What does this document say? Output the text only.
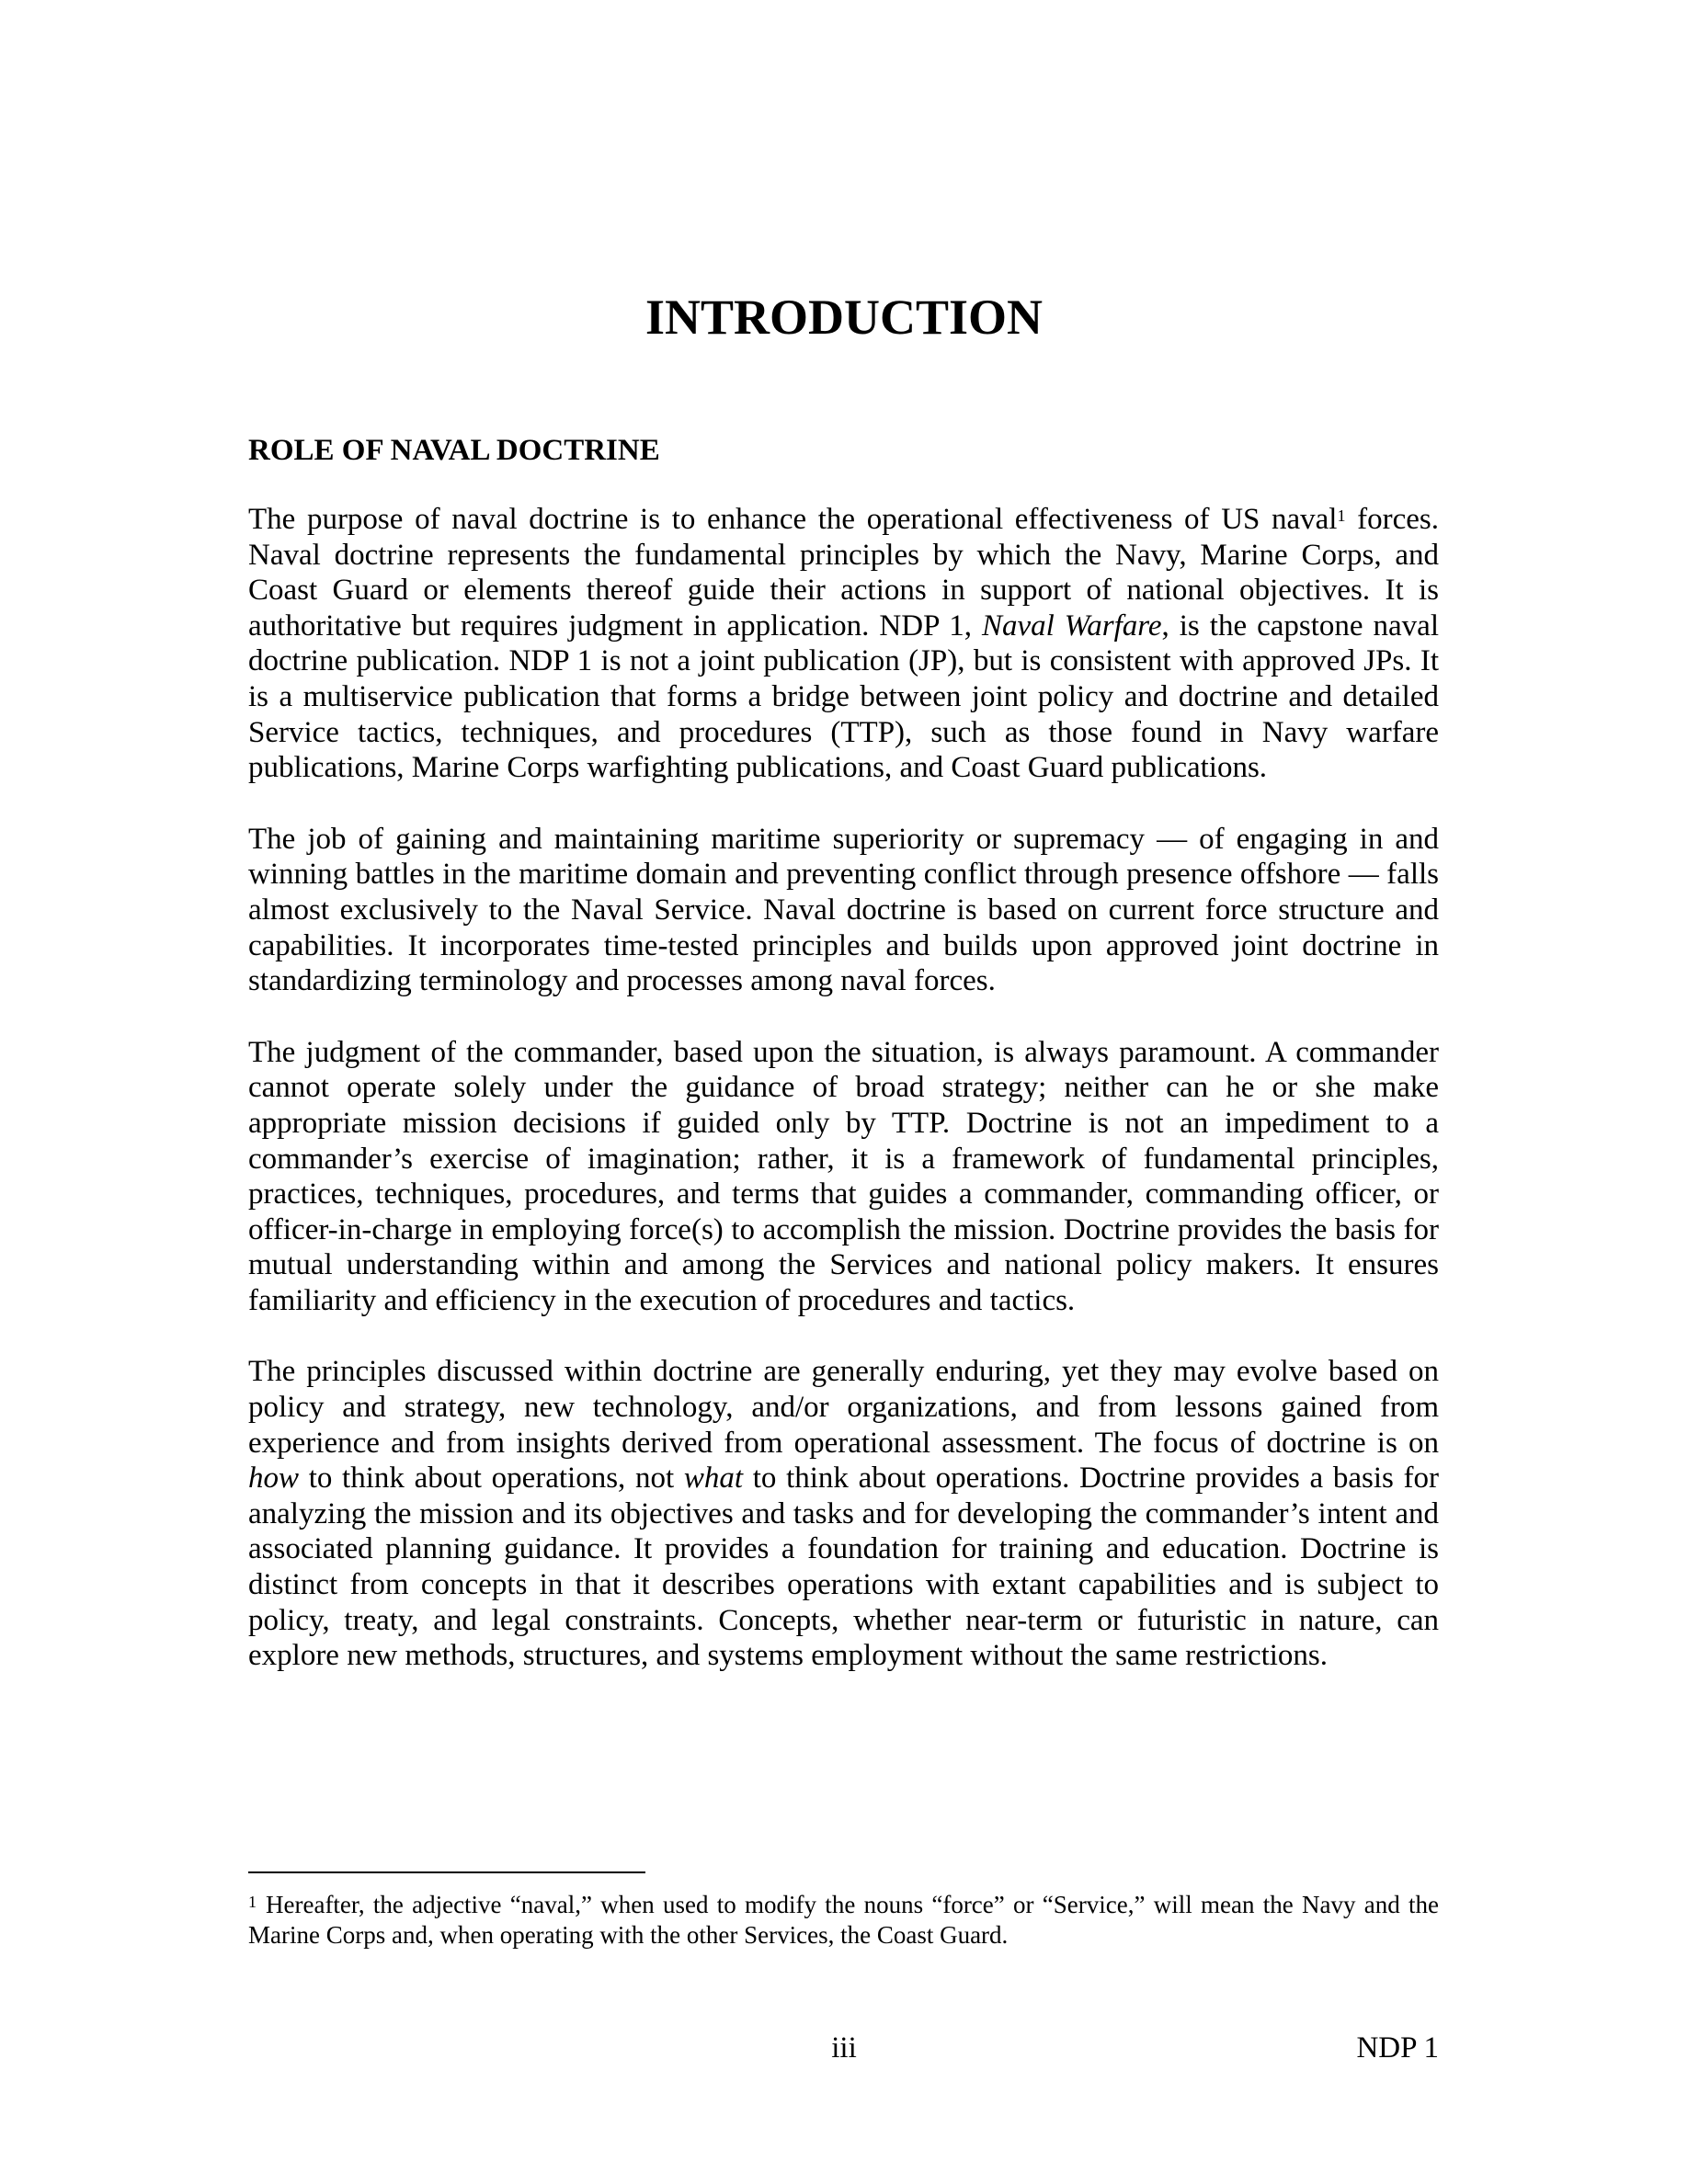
INTRODUCTION
ROLE OF NAVAL DOCTRINE

The purpose of naval doctrine is to enhance the operational effectiveness of US naval$^1$ forces. Naval doctrine represents the fundamental principles by which the Navy, Marine Corps, and Coast Guard or elements thereof guide their actions in support of national objectives. It is authoritative but requires judgment in application. NDP 1, Naval Warfare, is the capstone naval doctrine publication. NDP 1 is not a joint publication (JP), but is consistent with approved JPs. It is a multiservice publication that forms a bridge between joint policy and doctrine and detailed Service tactics, techniques, and procedures (TTP), such as those found in Navy warfare publications, Marine Corps warfighting publications, and Coast Guard publications.

The job of gaining and maintaining maritime superiority or supremacy — of engaging in and winning battles in the maritime domain and preventing conflict through presence offshore — falls almost exclusively to the Naval Service. Naval doctrine is based on current force structure and capabilities. It incorporates time-tested principles and builds upon approved joint doctrine in standardizing terminology and processes among naval forces.

The judgment of the commander, based upon the situation, is always paramount. A commander cannot operate solely under the guidance of broad strategy; neither can he or she make appropriate mission decisions if guided only by TTP. Doctrine is not an impediment to a commander’s exercise of imagination; rather, it is a framework of fundamental principles, practices, techniques, procedures, and terms that guides a commander, commanding officer, or officer-in-charge in employing force(s) to accomplish the mission. Doctrine provides the basis for mutual understanding within and among the Services and national policy makers. It ensures familiarity and efficiency in the execution of procedures and tactics.

The principles discussed within doctrine are generally enduring, yet they may evolve based on policy and strategy, new technology, and/or organizations, and from lessons gained from experience and from insights derived from operational assessment. The focus of doctrine is on how to think about operations, not what to think about operations. Doctrine provides a basis for analyzing the mission and its objectives and tasks and for developing the commander’s intent and associated planning guidance. It provides a foundation for training and education. Doctrine is distinct from concepts in that it describes operations with extant capabilities and is subject to policy, treaty, and legal constraints. Concepts, whether near-term or futuristic in nature, can explore new methods, structures, and systems employment without the same restrictions.

$^1$ Hereafter, the adjective “naval,” when used to modify the nouns “force” or “Service,” will mean the Navy and the Marine Corps and, when operating with the other Services, the Coast Guard.

iii	NDP 1
